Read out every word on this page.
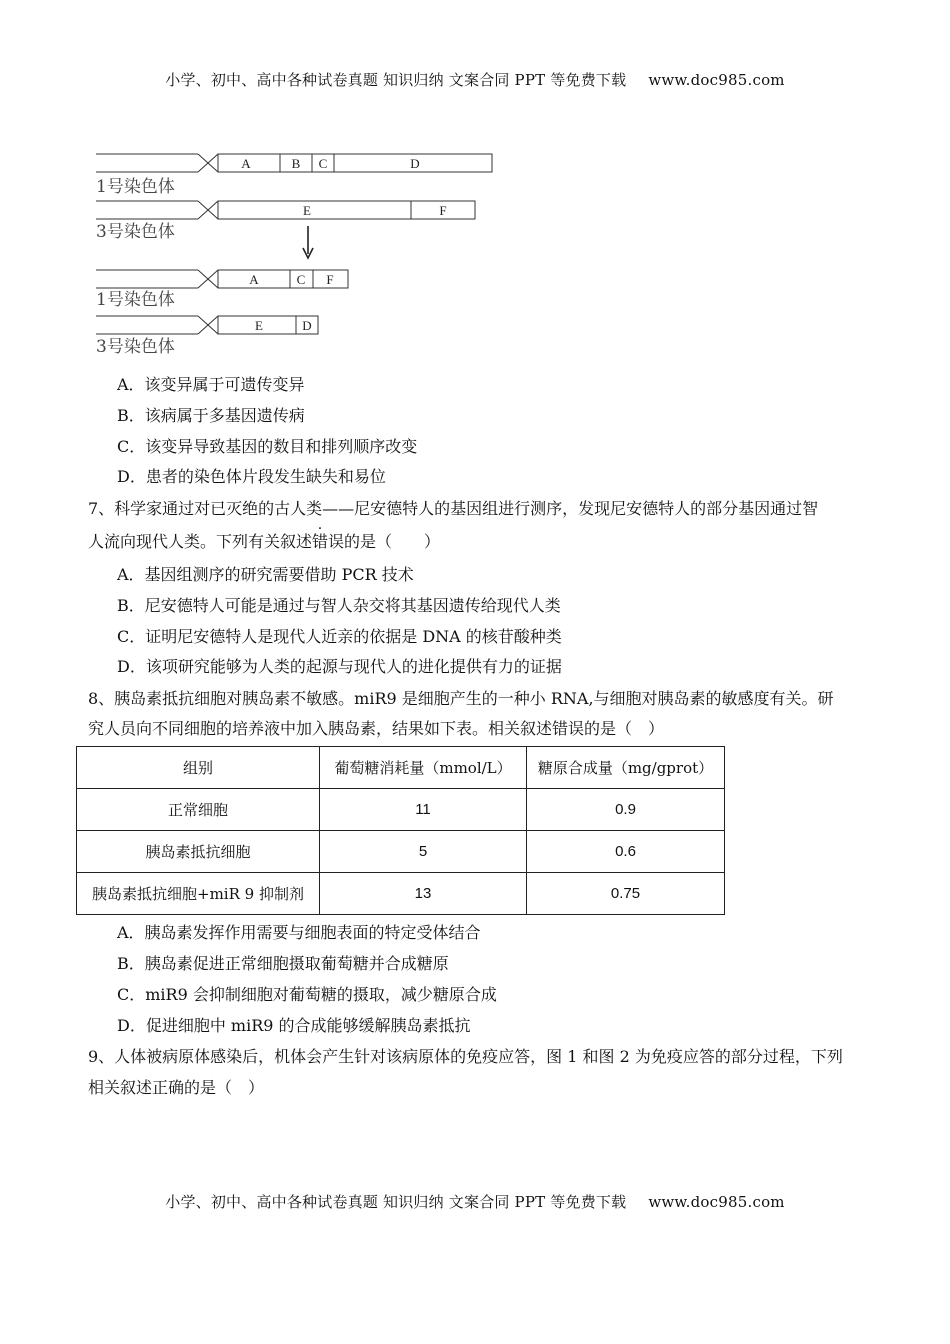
小学、初中、高中各种试卷真题 知识归纳 文案合同 PPT 等免费下载 www.doc985.com
A	B C	D
1号染色体
E	F
3号染色体
A	C F
1号染色体
E	D
3号染色体
A．该变异属于可遗传变异
B．该病属于多基因遗传病
C．该变异导致基因的数目和排列顺序改变
D．患者的染色体片段发生缺失和易位
7、科学家通过对已灭绝的古人类——尼安德特人的基因组进行测序，发现尼安德特人的部分基因通过智
人流向现代人类。下列有关叙述错误的是（　　）
A．基因组测序的研究需要借助 PCR 技术
B．尼安德特人可能是通过与智人杂交将其基因遗传给现代人类
C．证明尼安德特人是现代人近亲的依据是 DNA 的核苷酸种类
D．该项研究能够为人类的起源与现代人的进化提供有力的证据
8、胰岛素抵抗细胞对胰岛素不敏感。miR9 是细胞产生的一种小 RNA,与细胞对胰岛素的敏感度有关。研
究人员向不同细胞的培养液中加入胰岛素，结果如下表。相关叙述错误的是（　）
组别	葡萄糖消耗量（mmol/L）	糖原合成量（mg/gprot）
正常细胞	11	0.9
胰岛素抵抗细胞	5	0.6
胰岛素抵抗细胞+miR 9 抑制剂	13	0.75
A．胰岛素发挥作用需要与细胞表面的特定受体结合
B．胰岛素促进正常细胞摄取葡萄糖并合成糖原
C．miR9 会抑制细胞对葡萄糖的摄取，减少糖原合成
D．促进细胞中 miR9 的合成能够缓解胰岛素抵抗
9、人体被病原体感染后，机体会产生针对该病原体的免疫应答，图 1 和图 2 为免疫应答的部分过程，下列
相关叙述正确的是（　）
小学、初中、高中各种试卷真题 知识归纳 文案合同 PPT 等免费下载 www.doc985.com
